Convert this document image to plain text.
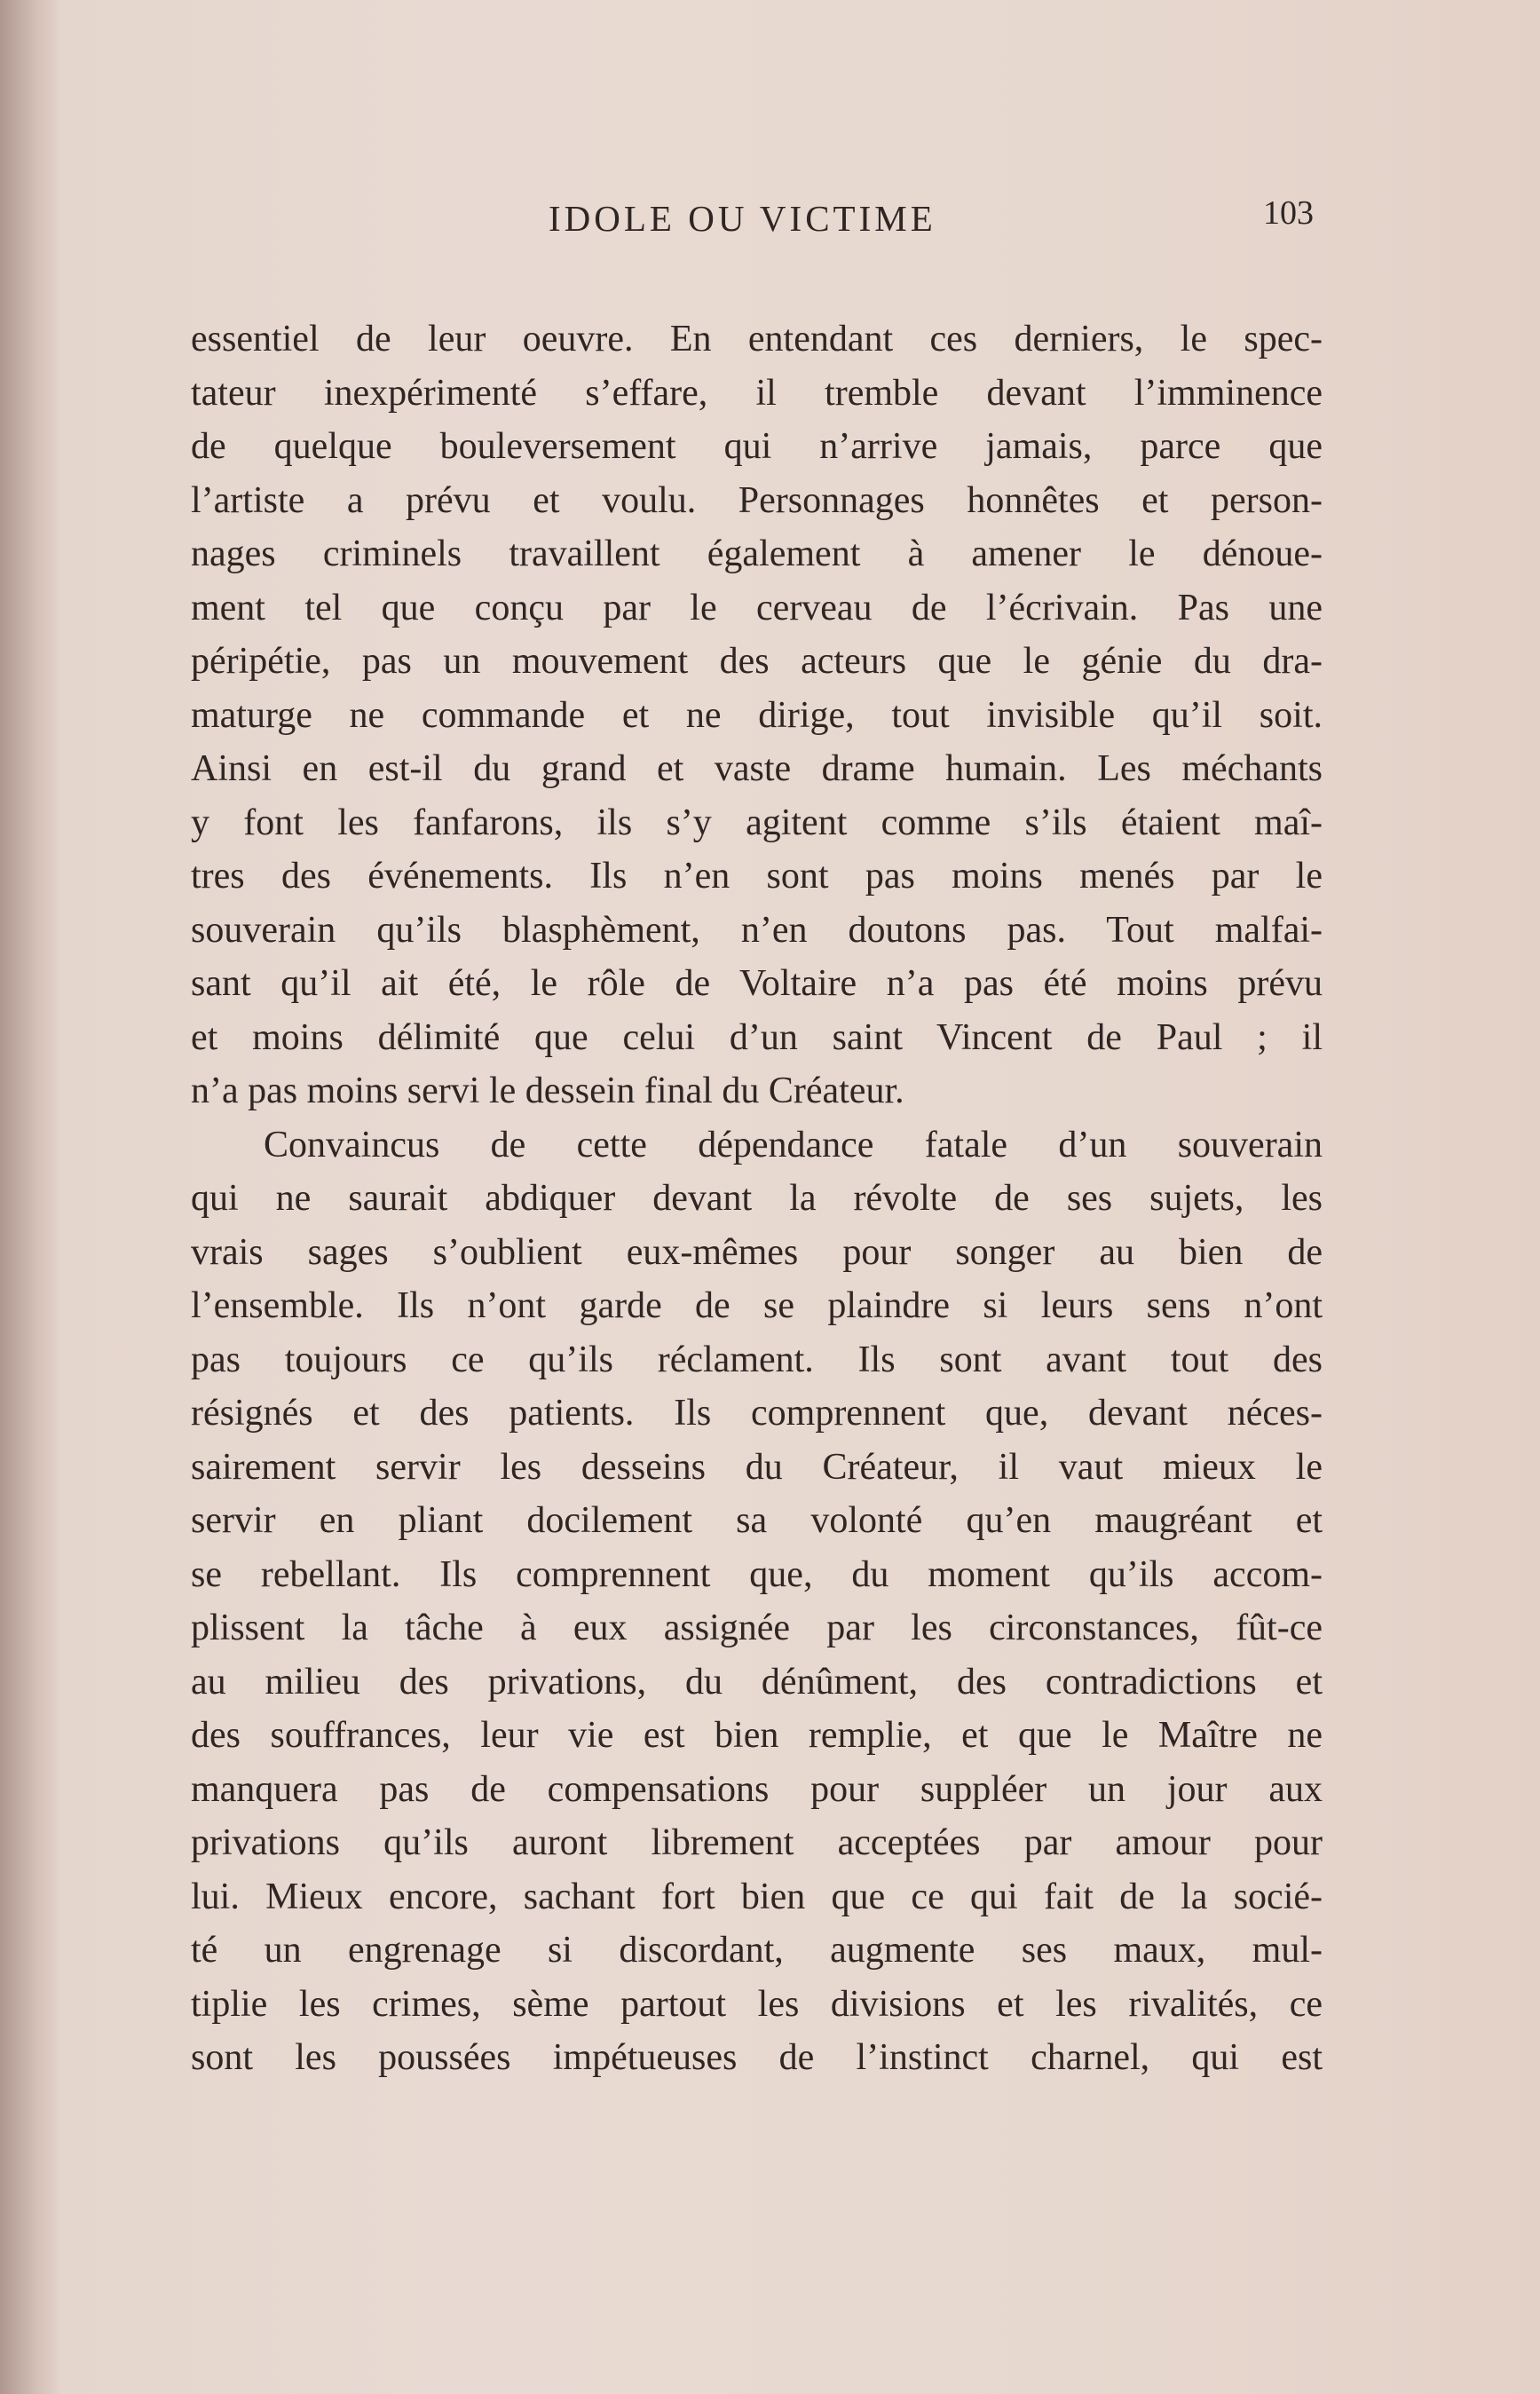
IDOLE OU VICTIME	103
essentiel de leur oeuvre. En entendant ces derniers, le spec-
tateur inexpérimenté s’effare, il tremble devant l’imminence
de quelque bouleversement qui n’arrive jamais, parce que
l’artiste a prévu et voulu. Personnages honnêtes et person-
nages criminels travaillent également à amener le dénoue-
ment tel que conçu par le cerveau de l’écrivain. Pas une
péripétie, pas un mouvement des acteurs que le génie du dra-
maturge ne commande et ne dirige, tout invisible qu’il soit.
Ainsi en est-il du grand et vaste drame humain. Les méchants
y font les fanfarons, ils s’y agitent comme s’ils étaient maî-
tres des événements. Ils n’en sont pas moins menés par le
souverain qu’ils blasphèment, n’en doutons pas. Tout malfai-
sant qu’il ait été, le rôle de Voltaire n’a pas été moins prévu
et moins délimité que celui d’un saint Vincent de Paul ; il
n’a pas moins servi le dessein final du Créateur.
Convaincus de cette dépendance fatale d’un souverain
qui ne saurait abdiquer devant la révolte de ses sujets, les
vrais sages s’oublient eux-mêmes pour songer au bien de
l’ensemble. Ils n’ont garde de se plaindre si leurs sens n’ont
pas toujours ce qu’ils réclament. Ils sont avant tout des
résignés et des patients. Ils comprennent que, devant néces-
sairement servir les desseins du Créateur, il vaut mieux le
servir en pliant docilement sa volonté qu’en maugréant et
se rebellant. Ils comprennent que, du moment qu’ils accom-
plissent la tâche à eux assignée par les circonstances, fût-ce
au milieu des privations, du dénûment, des contradictions et
des souffrances, leur vie est bien remplie, et que le Maître ne
manquera pas de compensations pour suppléer un jour aux
privations qu’ils auront librement acceptées par amour pour
lui. Mieux encore, sachant fort bien que ce qui fait de la socié-
té un engrenage si discordant, augmente ses maux, mul-
tiplie les crimes, sème partout les divisions et les rivalités, ce
sont les poussées impétueuses de l’instinct charnel, qui est
